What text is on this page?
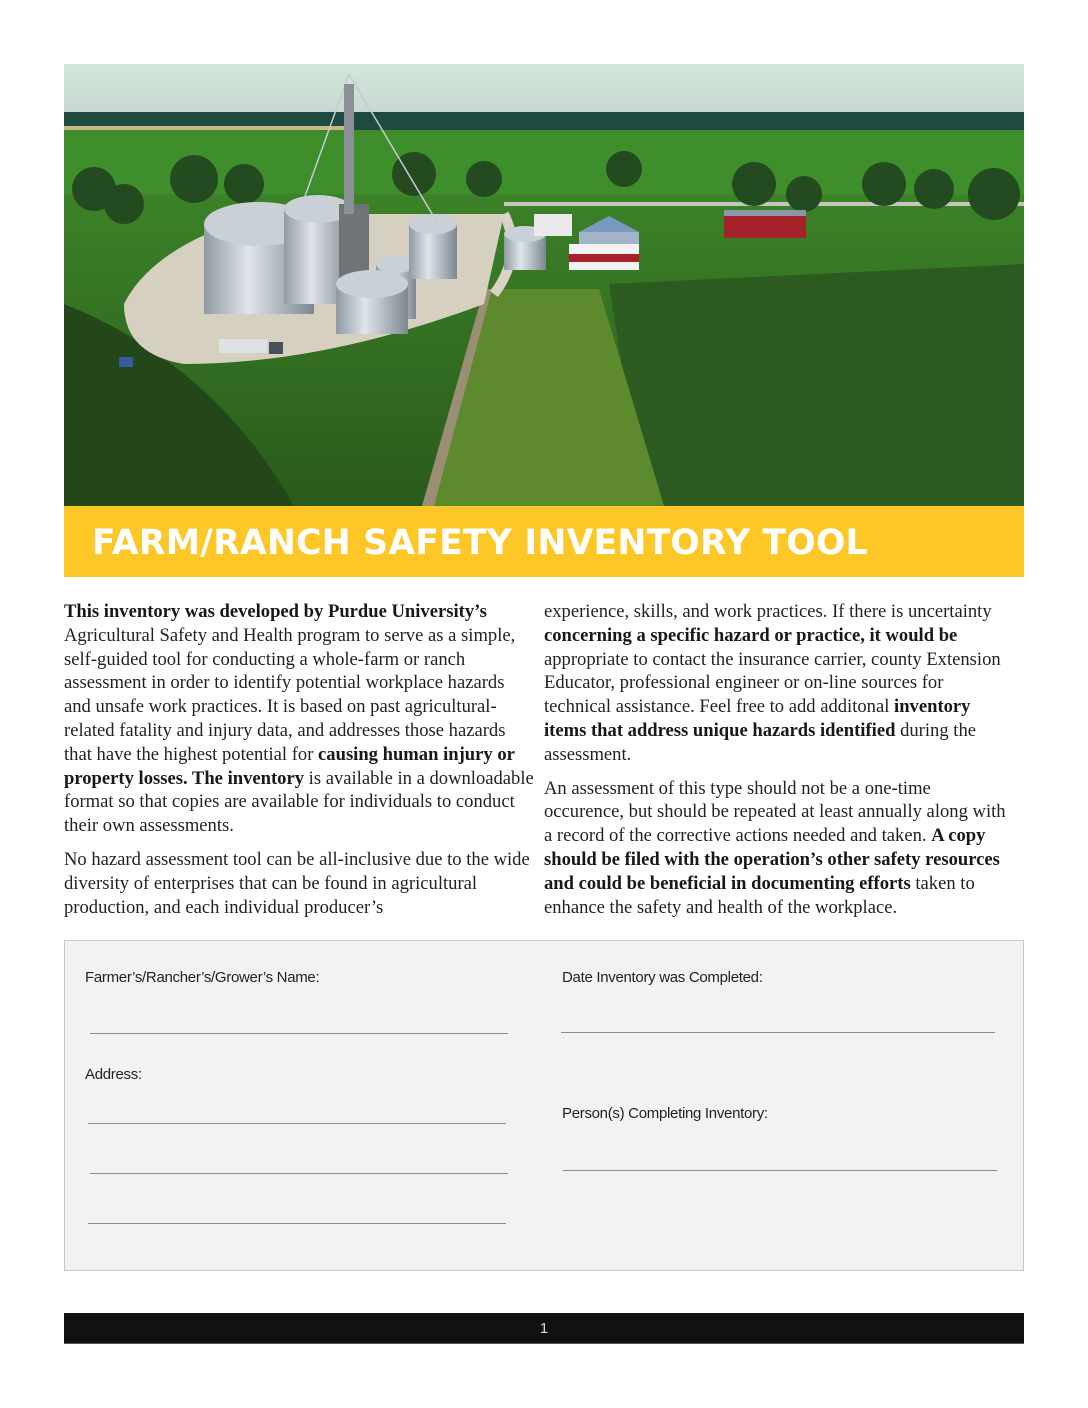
FARM/RANCH SAFETY INVENTORY TOOL

This inventory was developed by Purdue University’s Agricultural Safety and Health program to serve as a simple, self-guided tool for conducting a whole-farm or ranch assessment in order to identify potential workplace hazards and unsafe work practices. It is based on past agricultural-related fatality and injury data, and addresses those hazards that have the highest potential for causing human injury or property losses. The inventory is available in a downloadable format so that copies are available for individuals to conduct their own assessments.

No hazard assessment tool can be all-inclusive due to the wide diversity of enterprises that can be found in agricultural production, and each individual producer’s

experience, skills, and work practices. If there is uncertainty concerning a specific hazard or practice, it would be appropriate to contact the insurance carrier, county Extension Educator, professional engineer or on-line sources for technical assistance. Feel free to add additonal inventory items that address unique hazards identified during the assessment.

An assessment of this type should not be a one-time occurence, but should be repeated at least annually along with a record of the corrective actions needed and taken. A copy should be filed with the operation’s other safety resources and could be beneficial in documenting efforts taken to enhance the safety and health of the workplace.

Farmer’s/Rancher’s/Grower’s Name:	Date Inventory was Completed:
Address:
Person(s) Completing Inventory:
1
